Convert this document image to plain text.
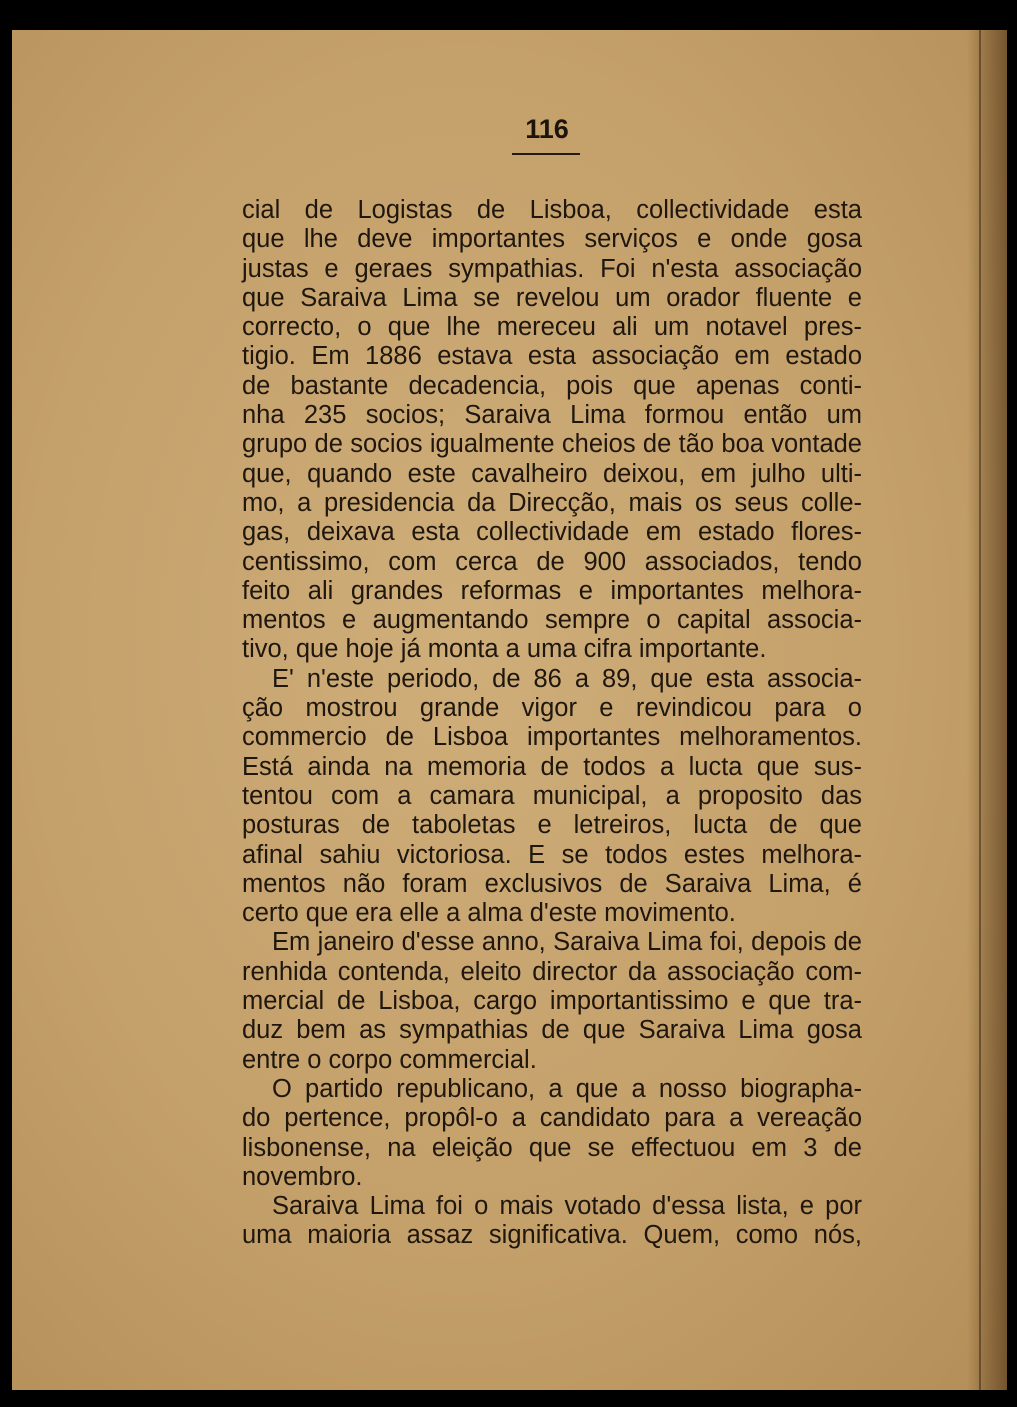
116
cial de Logistas de Lisboa, collectividade esta
que lhe deve importantes serviços e onde gosa
justas e geraes sympathias. Foi n'esta associação
que Saraiva Lima se revelou um orador fluente e
correcto, o que lhe mereceu ali um notavel pres-
tigio. Em 1886 estava esta associação em estado
de bastante decadencia, pois que apenas conti-
nha 235 socios; Saraiva Lima formou então um
grupo de socios igualmente cheios de tão boa vontade
que, quando este cavalheiro deixou, em julho ulti-
mo, a presidencia da Direcção, mais os seus colle-
gas, deixava esta collectividade em estado flores-
centissimo, com cerca de 900 associados, tendo
feito ali grandes reformas e importantes melhora-
mentos e augmentando sempre o capital associa-
tivo, que hoje já monta a uma cifra importante.
E' n'este periodo, de 86 a 89, que esta associa-
ção mostrou grande vigor e revindicou para o
commercio de Lisboa importantes melhoramentos.
Está ainda na memoria de todos a lucta que sus-
tentou com a camara municipal, a proposito das
posturas de taboletas e letreiros, lucta de que
afinal sahiu victoriosa. E se todos estes melhora-
mentos não foram exclusivos de Saraiva Lima, é
certo que era elle a alma d'este movimento.
Em janeiro d'esse anno, Saraiva Lima foi, depois de
renhida contenda, eleito director da associação com-
mercial de Lisboa, cargo importantissimo e que tra-
duz bem as sympathias de que Saraiva Lima gosa
entre o corpo commercial.
O partido republicano, a que a nosso biographa-
do pertence, propôl-o a candidato para a vereação
lisbonense, na eleição que se effectuou em 3 de
novembro.
Saraiva Lima foi o mais votado d'essa lista, e por
uma maioria assaz significativa. Quem, como nós,
